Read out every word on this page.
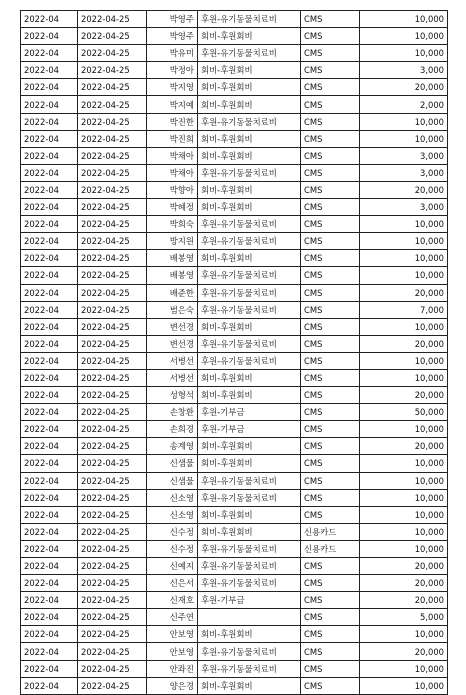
2022-04	2022-04-25	박영주	후원-유기동물치료비	CMS	10,000
2022-04	2022-04-25	박영주	회비-후원회비	CMS	10,000
2022-04	2022-04-25	박유미	후원-유기동물치료비	CMS	10,000
2022-04	2022-04-25	박정아	회비-후원회비	CMS	3,000
2022-04	2022-04-25	박지영	회비-후원회비	CMS	20,000
2022-04	2022-04-25	박지예	회비-후원회비	CMS	2,000
2022-04	2022-04-25	박진한	후원-유기동물치료비	CMS	10,000
2022-04	2022-04-25	박진희	회비-후원회비	CMS	10,000
2022-04	2022-04-25	박채아	회비-후원회비	CMS	3,000
2022-04	2022-04-25	박채아	후원-유기동물치료비	CMS	3,000
2022-04	2022-04-25	박향아	회비-후원회비	CMS	20,000
2022-04	2022-04-25	박혜정	회비-후원회비	CMS	3,000
2022-04	2022-04-25	박희숙	후원-유기동물치료비	CMS	10,000
2022-04	2022-04-25	방지원	후원-유기동물치료비	CMS	10,000
2022-04	2022-04-25	배봉영	회비-후원회비	CMS	10,000
2022-04	2022-04-25	배봉영	후원-유기동물치료비	CMS	10,000
2022-04	2022-04-25	배준한	후원-유기동물치료비	CMS	20,000
2022-04	2022-04-25	범은숙	후원-유기동물치료비	CMS	7,000
2022-04	2022-04-25	변선경	회비-후원회비	CMS	10,000
2022-04	2022-04-25	변선경	후원-유기동물치료비	CMS	20,000
2022-04	2022-04-25	서병선	후원-유기동물치료비	CMS	10,000
2022-04	2022-04-25	서병선	회비-후원회비	CMS	10,000
2022-04	2022-04-25	성형석	회비-후원회비	CMS	20,000
2022-04	2022-04-25	손창환	후원-기부금	CMS	50,000
2022-04	2022-04-25	손희경	후원-기부금	CMS	10,000
2022-04	2022-04-25	송계영	회비-후원회비	CMS	20,000
2022-04	2022-04-25	신샘물	회비-후원회비	CMS	10,000
2022-04	2022-04-25	신샘물	후원-유기동물치료비	CMS	10,000
2022-04	2022-04-25	신소영	후원-유기동물치료비	CMS	10,000
2022-04	2022-04-25	신소영	회비-후원회비	CMS	10,000
2022-04	2022-04-25	신수정	회비-후원회비	신용카드	10,000
2022-04	2022-04-25	신수정	후원-유기동물치료비	신용카드	10,000
2022-04	2022-04-25	신예지	후원-유기동물치료비	CMS	20,000
2022-04	2022-04-25	신은서	후원-유기동물치료비	CMS	20,000
2022-04	2022-04-25	신재호	후원-기부금	CMS	20,000
2022-04	2022-04-25	신주연		CMS	5,000
2022-04	2022-04-25	안보영	회비-후원회비	CMS	10,000
2022-04	2022-04-25	안보영	후원-유기동물치료비	CMS	20,000
2022-04	2022-04-25	안좌진	후원-유기동물치료비	CMS	10,000
2022-04	2022-04-25	양은경	회비-후원회비	CMS	10,000
